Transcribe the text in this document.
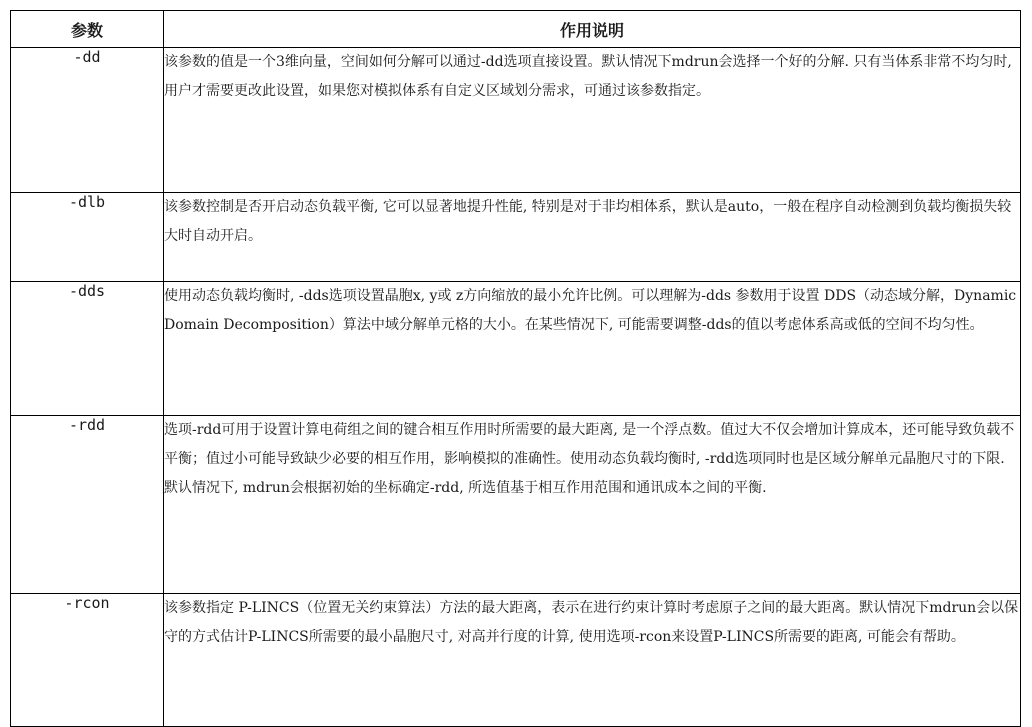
参数	作用说明
-dd	该参数的值是一个3维向量，空间如何分解可以通过-dd选项直接设置。默认情况下mdrun会选择一个好的分解. 只有当体系非常不均匀时, 用户才需要更改此设置，如果您对模拟体系有自定义区域划分需求，可通过该参数指定。
-dlb	该参数控制是否开启动态负载平衡, 它可以显著地提升性能, 特别是对于非均相体系，默认是auto，一般在程序自动检测到负载均衡损失较大时自动开启。
-dds	使用动态负载均衡时, -dds选项设置晶胞x, y或 z方向缩放的最小允许比例。可以理解为-dds 参数用于设置 DDS（动态域分解，Dynamic Domain Decomposition）算法中域分解单元格的大小。在某些情况下, 可能需要调整-dds的值以考虑体系高或低的空间不均匀性。
-rdd	选项-rdd可用于设置计算电荷组之间的键合相互作用时所需要的最大距离, 是一个浮点数。值过大不仅会增加计算成本，还可能导致负载不平衡；值过小可能导致缺少必要的相互作用，影响模拟的准确性。使用动态负载均衡时, -rdd选项同时也是区域分解单元晶胞尺寸的下限. 默认情况下, mdrun会根据初始的坐标确定-rdd, 所选值基于相互作用范围和通讯成本之间的平衡.
-rcon	该参数指定 P-LINCS（位置无关约束算法）方法的最大距离，表示在进行约束计算时考虑原子之间的最大距离。默认情况下mdrun会以保守的方式估计P-LINCS所需要的最小晶胞尺寸, 对高并行度的计算, 使用选项-rcon来设置P-LINCS所需要的距离, 可能会有帮助。
